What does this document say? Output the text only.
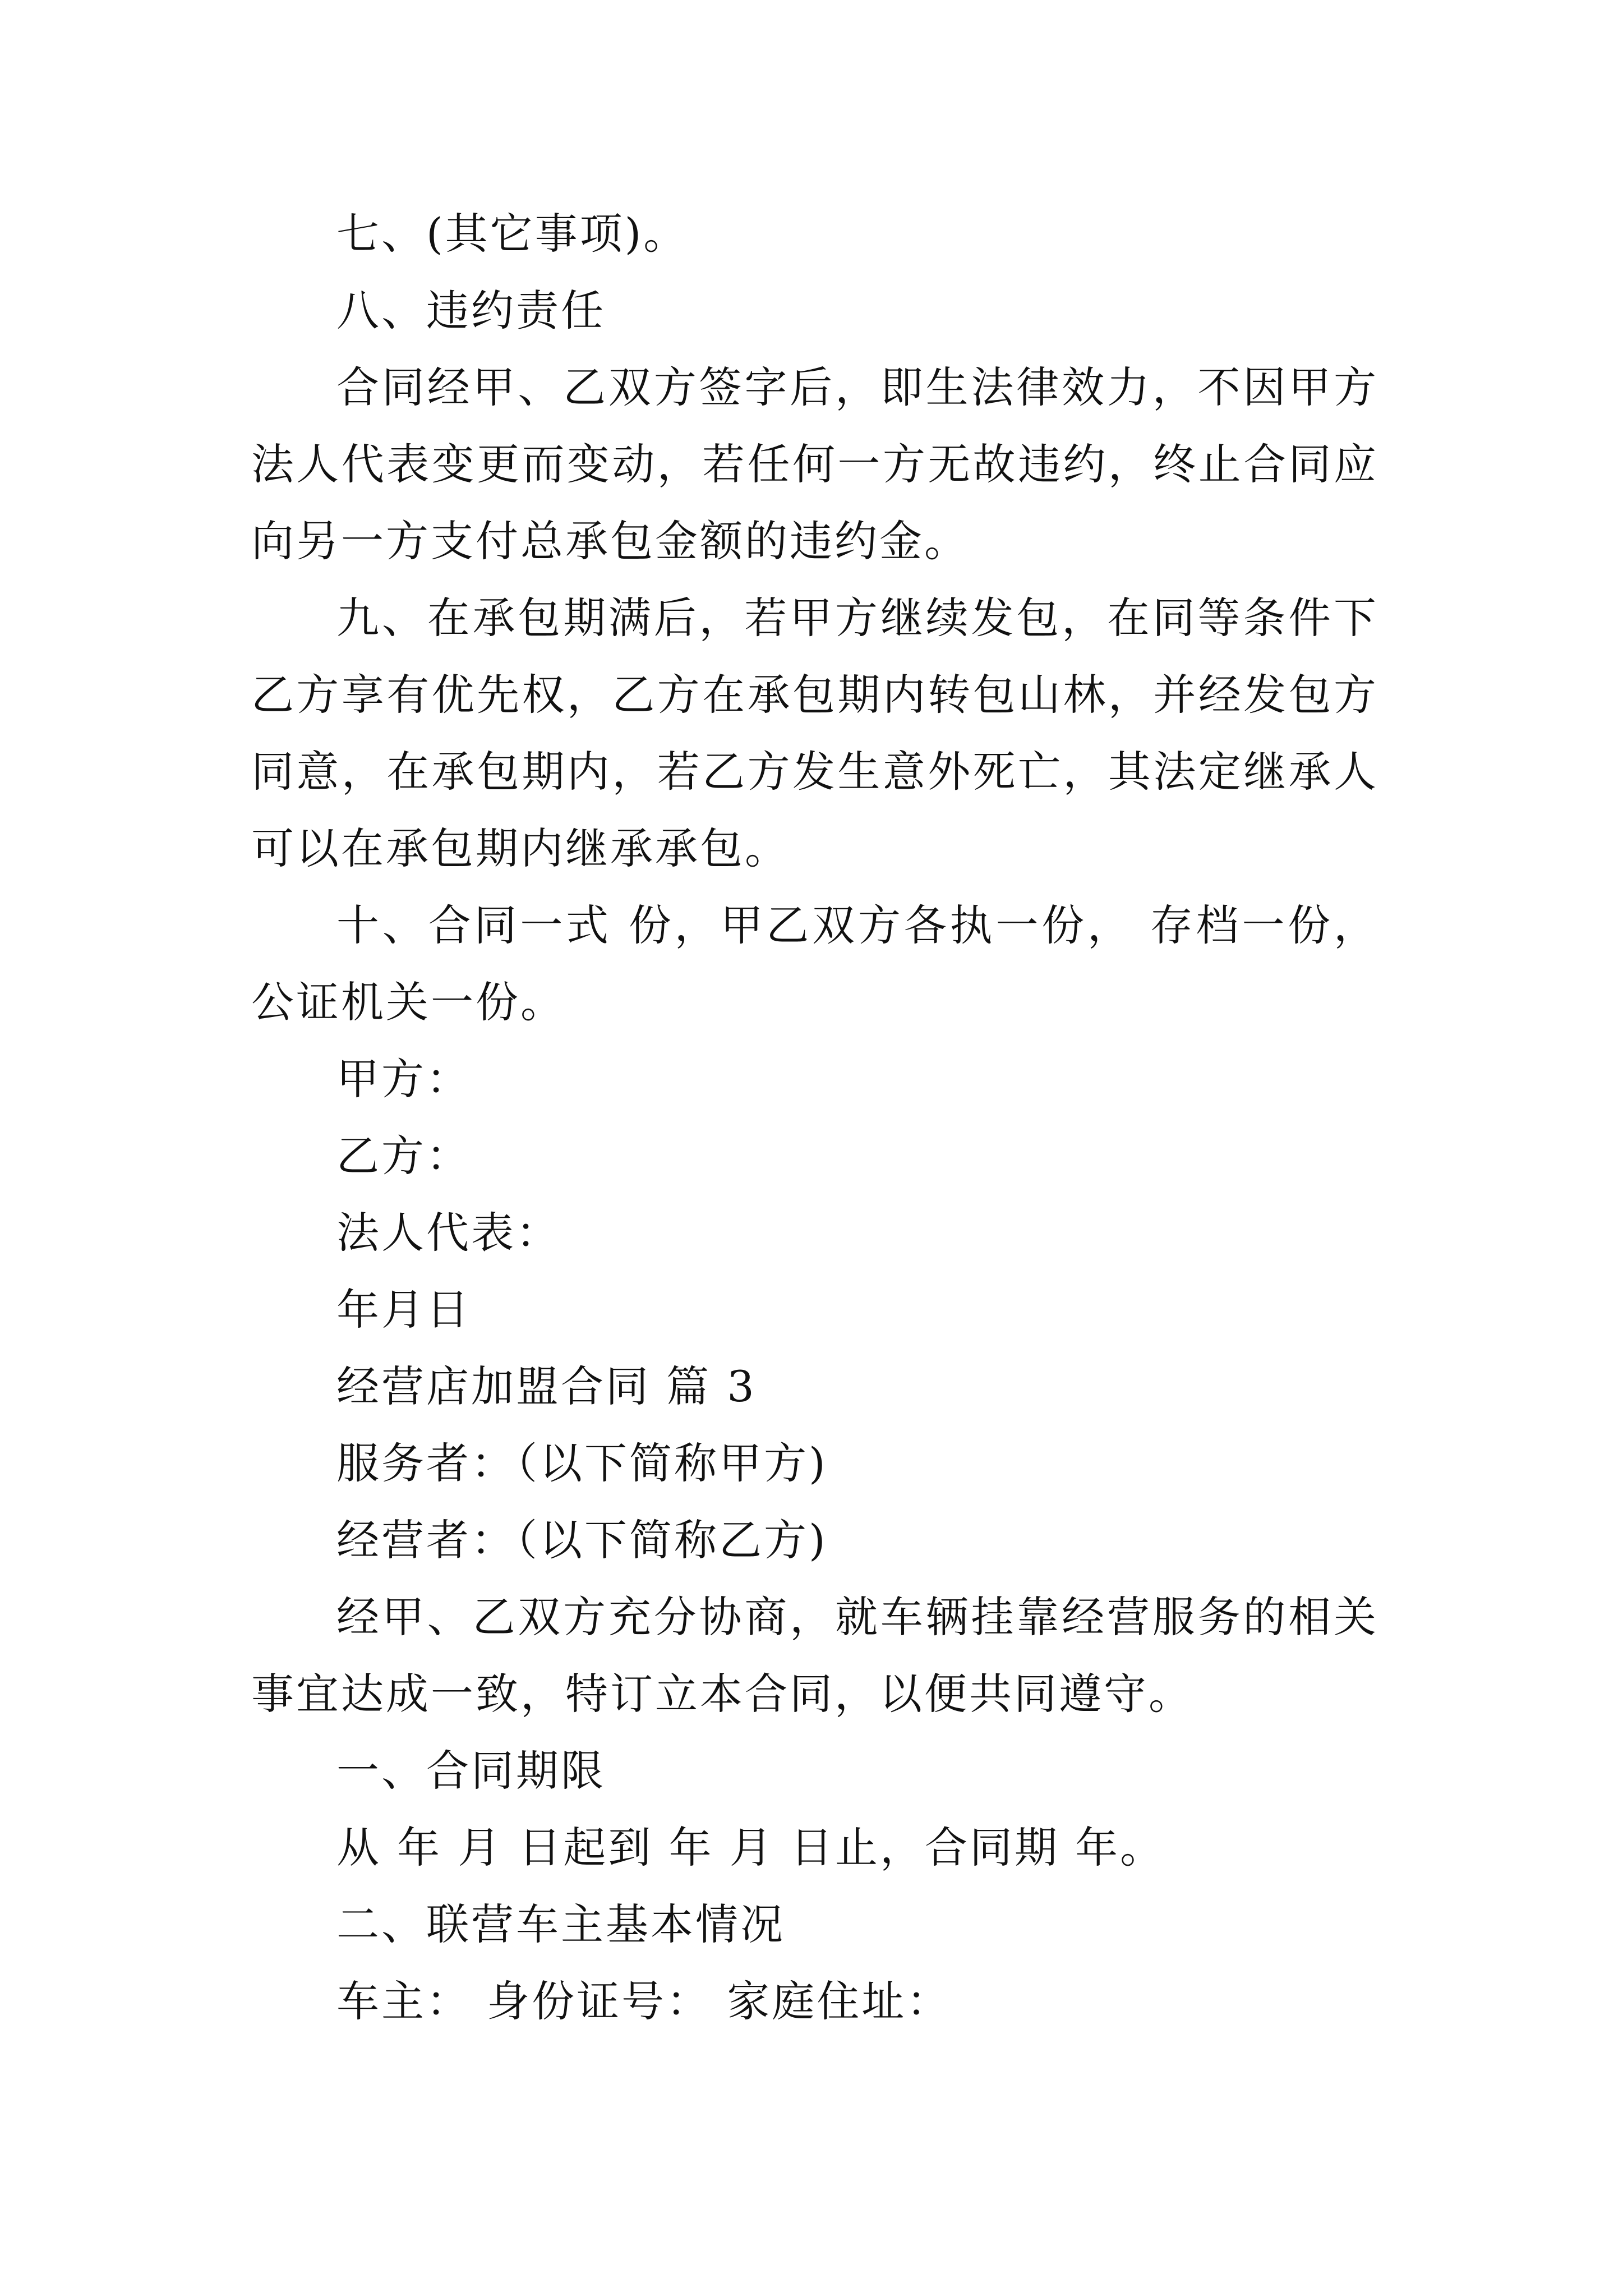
七、(其它事项)。

八、违约责任

合同经甲、乙双方签字后，即生法律效力，不因甲方法人代表变更而变动，若任何一方无故违约，终止合同应向另一方支付总承包金额的违约金。

九、在承包期满后，若甲方继续发包，在同等条件下乙方享有优先权，乙方在承包期内转包山林，并经发包方同意，在承包期内，若乙方发生意外死亡，其法定继承人可以在承包期内继承承包。

十、合同一式 份，甲乙双方各执一份， 存档一份，公证机关一份。

甲方：

乙方：

法人代表：

年月日

经营店加盟合同 篇 3

服务者：（以下简称甲方)

经营者：（以下简称乙方)

经甲、乙双方充分协商，就车辆挂靠经营服务的相关事宜达成一致，特订立本合同，以便共同遵守。

一、合同期限

从 年 月 日起到 年 月 日止，合同期 年。

二、联营车主基本情况

车主： 身份证号： 家庭住址：
